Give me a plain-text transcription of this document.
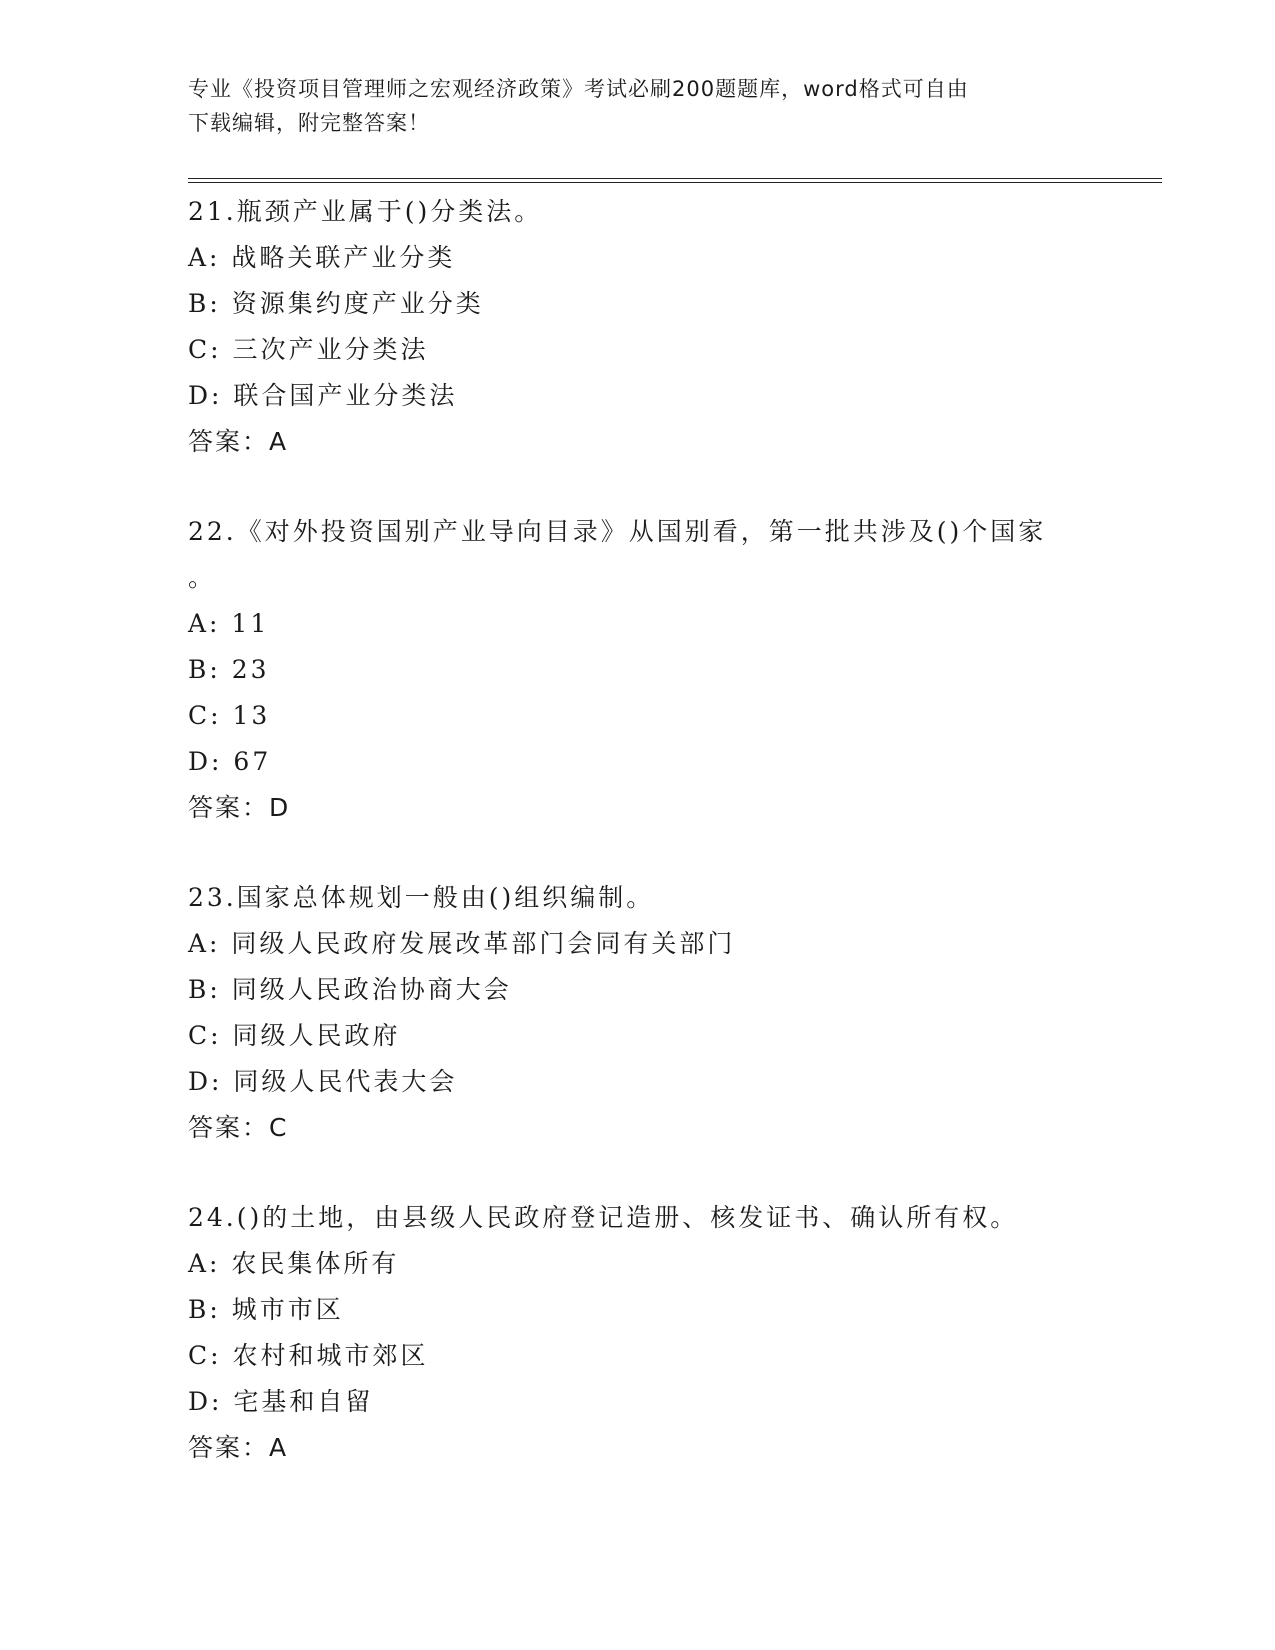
专业《投资项目管理师之宏观经济政策》考试必刷200题题库，word格式可自由
下载编辑，附完整答案！
21.瓶颈产业属于()分类法。
A: 战略关联产业分类
B: 资源集约度产业分类
C: 三次产业分类法
D: 联合国产业分类法
答案：A
22.《对外投资国别产业导向目录》从国别看，第一批共涉及()个国家
。
A: 11
B: 23
C: 13
D: 67
答案：D
23.国家总体规划一般由()组织编制。
A: 同级人民政府发展改革部门会同有关部门
B: 同级人民政治协商大会
C: 同级人民政府
D: 同级人民代表大会
答案：C
24.()的土地，由县级人民政府登记造册、核发证书、确认所有权。
A: 农民集体所有
B: 城市市区
C: 农村和城市郊区
D: 宅基和自留
答案：A
